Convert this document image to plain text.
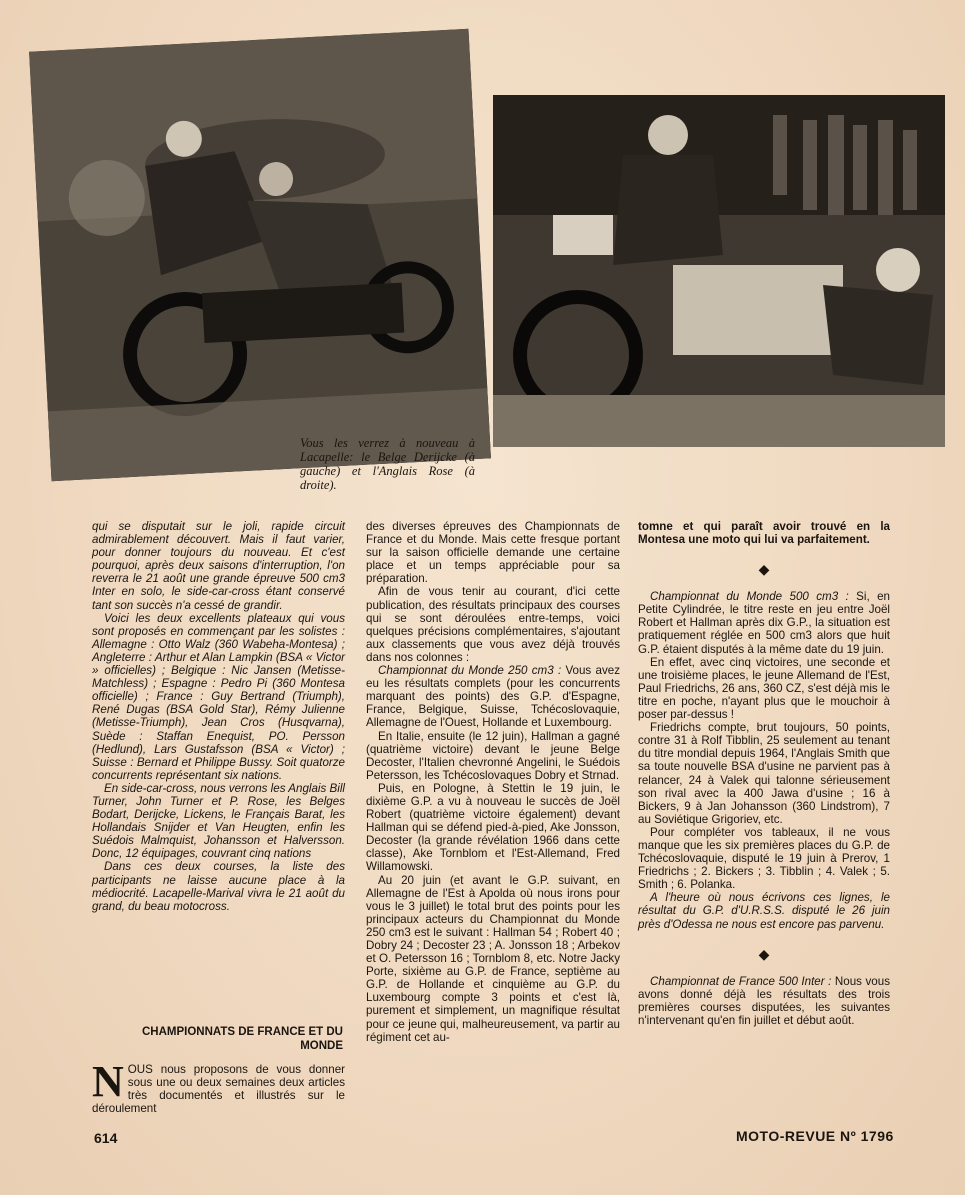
Vous les verrez à nouveau à Lacapelle: le Belge Derijcke (à gauche) et l'Anglais Rose (à droite).

qui se disputait sur le joli, rapide circuit admirablement découvert. Mais il faut varier, pour donner toujours du nouveau. Et c'est pourquoi, après deux saisons d'interruption, l'on reverra le 21 août une grande épreuve 500 cm3 Inter en solo, le side-car-cross étant conservé tant son succès n'a cessé de grandir.

Voici les deux excellents plateaux qui vous sont proposés en commençant par les solistes : Allemagne : Otto Walz (360 Wabeha-Montesa) ; Angleterre : Arthur et Alan Lampkin (BSA « Victor » officielles) ; Belgique : Nic Jansen (Metisse-Matchless) ; Espagne : Pedro Pi (360 Montesa officielle) ; France : Guy Bertrand (Triumph), René Dugas (BSA Gold Star), Rémy Julienne (Metisse-Triumph), Jean Cros (Husqvarna), Suède : Staffan Enequist, PO. Persson (Hedlund), Lars Gustafsson (BSA « Victor) ; Suisse : Bernard et Philippe Bussy. Soit quatorze concurrents représentant six nations.

En side-car-cross, nous verrons les Anglais Bill Turner, John Turner et P. Rose, les Belges Bodart, Derijcke, Lickens, le Français Barat, les Hollandais Snijder et Van Heugten, enfin les Suédois Malmquist, Johansson et Halversson. Donc, 12 équipages, couvrant cinq nations

Dans ces deux courses, la liste des participants ne laisse aucune place à la médiocrité. Lacapelle-Marival vivra le 21 août du grand, du beau motocross.

CHAMPIONNATS DE FRANCE ET DU MONDE
NOUS nous proposons de vous donner sous une ou deux semaines deux articles très documentés et illustrés sur le déroulement

des diverses épreuves des Championnats de France et du Monde. Mais cette fresque portant sur la saison officielle demande une certaine place et un temps appréciable pour sa préparation.

Afin de vous tenir au courant, d'ici cette publication, des résultats principaux des courses qui se sont déroulées entre-temps, voici quelques précisions complémentaires, s'ajoutant aux classements que vous avez déjà trouvés dans nos colonnes :

Championnat du Monde 250 cm3 : Vous avez eu les résultats complets (pour les concurrents marquant des points) des G.P. d'Espagne, France, Belgique, Suisse, Tchécoslovaquie, Allemagne de l'Ouest, Hollande et Luxembourg.

En Italie, ensuite (le 12 juin), Hallman a gagné (quatrième victoire) devant le jeune Belge Decoster, l'Italien chevronné Angelini, le Suédois Petersson, les Tchécoslovaques Dobry et Strnad.

Puis, en Pologne, à Stettin le 19 juin, le dixième G.P. a vu à nouveau le succès de Joël Robert (quatrième victoire également) devant Hallman qui se défend pied-à-pied, Ake Jonsson, Decoster (la grande révélation 1966 dans cette classe), Ake Tornblom et l'Est-Allemand, Fred Willamowski.

Au 20 juin (et avant le G.P. suivant, en Allemagne de l'Est à Apolda où nous irons pour vous le 3 juillet) le total brut des points pour les principaux acteurs du Championnat du Monde 250 cm3 est le suivant : Hallman 54 ; Robert 40 ; Dobry 24 ; Decoster 23 ; A. Jonsson 18 ; Arbekov et O. Petersson 16 ; Tornblom 8, etc. Notre Jacky Porte, sixième au G.P. de France, septième au G.P. de Hollande et cinquième au G.P. du Luxembourg compte 3 points et c'est là, purement et simplement, un magnifique résultat pour ce jeune qui, malheureusement, va partir au régiment cet au-

tomne et qui paraît avoir trouvé en la Montesa une moto qui lui va parfaitement.

◆

Championnat du Monde 500 cm3 : Si, en Petite Cylindrée, le titre reste en jeu entre Joël Robert et Hallman après dix G.P., la situation est pratiquement réglée en 500 cm3 alors que huit G.P. étaient disputés à la même date du 19 juin.

En effet, avec cinq victoires, une seconde et une troisième places, le jeune Allemand de l'Est, Paul Friedrichs, 26 ans, 360 CZ, s'est déjà mis le titre en poche, n'ayant plus que le mouchoir à poser par-dessus !

Friedrichs compte, brut toujours, 50 points, contre 31 à Rolf Tibblin, 25 seulement au tenant du titre mondial depuis 1964, l'Anglais Smith que sa toute nouvelle BSA d'usine ne parvient pas à relancer, 24 à Valek qui talonne sérieusement son rival avec la 400 Jawa d'usine ; 16 à Bickers, 9 à Jan Johansson (360 Lindstrom), 7 au Soviétique Grigoriev, etc.

Pour compléter vos tableaux, il ne vous manque que les six premières places du G.P. de Tchécoslovaquie, disputé le 19 juin à Prerov, 1 Friedrichs ; 2. Bickers ; 3. Tibblin ; 4. Valek ; 5. Smith ; 6. Polanka.

A l'heure où nous écrivons ces lignes, le résultat du G.P. d'U.R.S.S. disputé le 26 juin près d'Odessa ne nous est encore pas parvenu.

◆

Championnat de France 500 Inter : Nous vous avons donné déjà les résultats des trois premières courses disputées, les suivantes n'intervenant qu'en fin juillet et début août.

614	MOTO-REVUE Nº 1796
